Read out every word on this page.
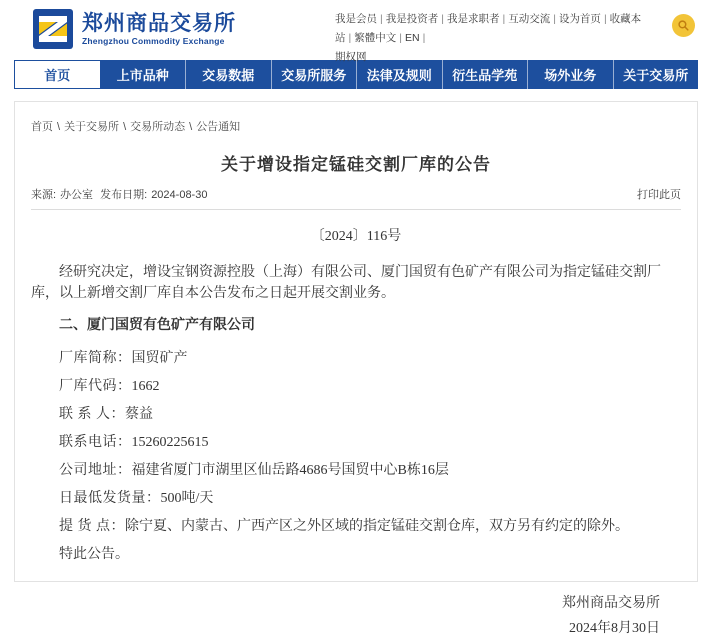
郑州商品交易所
Zhengzhou Commodity Exchange
我是会员 | 我是投资者 | 我是求职者 | 互动交流 | 设为首页 | 收藏本站 | 繁體中文 | EN |
期权网
首页	上市品种	交易数据	交易所服务	法律及规则	衍生品学苑	场外业务	关于交易所
首页 \ 关于交易所 \ 交易所动态 \ 公告通知
关于增设指定锰硅交割厂库的公告
来源: 办公室 发布日期: 2024-08-30	打印此页
〔2024〕116号

经研究决定，增设宝钢资源控股（上海）有限公司、厦门国贸有色矿产有限公司为指定锰硅交割厂库，以上新增交割厂库自本公告发布之日起开展交割业务。

二、厦门国贸有色矿产有限公司
厂库简称：国贸矿产
厂库代码：1662
联 系 人：蔡益
联系电话：15260225615
公司地址：福建省厦门市湖里区仙岳路4686号国贸中心B栋16层
日最低发货量：500吨/天
提 货 点：除宁夏、内蒙古、广西产区之外区域的指定锰硅交割仓库，双方另有约定的除外。
特此公告。
郑州商品交易所
2024年8月30日
